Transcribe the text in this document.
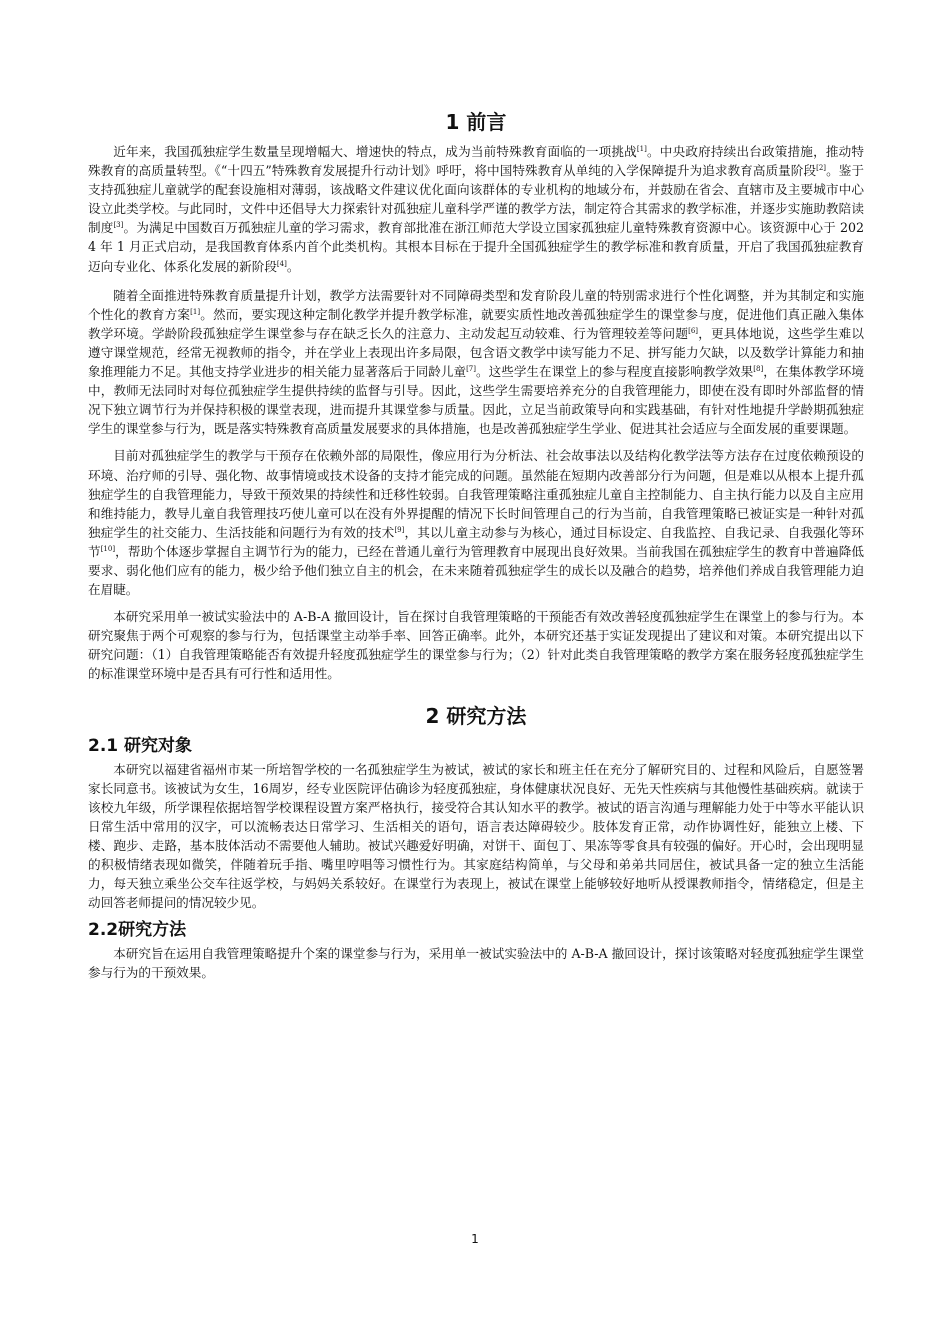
1 前言

近年来，我国孤独症学生数量呈现增幅大、增速快的特点，成为当前特殊教育面临的一项挑战[1]。中央政府持续出台政策措施，推动特殊教育的高质量转型。《“十四五”特殊教育发展提升行动计划》呼吁，将中国特殊教育从单纯的入学保障提升为追求教育高质量阶段[2]。鉴于支持孤独症儿童就学的配套设施相对薄弱，该战略文件建议优化面向该群体的专业机构的地域分布，并鼓励在省会、直辖市及主要城市中心设立此类学校。与此同时，文件中还倡导大力探索针对孤独症儿童科学严谨的教学方法，制定符合其需求的教学标准，并逐步实施助教陪读制度[3]。为满足中国数百万孤独症儿童的学习需求，教育部批准在浙江师范大学设立国家孤独症儿童特殊教育资源中心。该资源中心于 2024 年 1 月正式启动，是我国教育体系内首个此类机构。其根本目标在于提升全国孤独症学生的教学标准和教育质量，开启了我国孤独症教育迈向专业化、体系化发展的新阶段[4]。

随着全面推进特殊教育质量提升计划，教学方法需要针对不同障碍类型和发育阶段儿童的特别需求进行个性化调整，并为其制定和实施个性化的教育方案[1]。然而，要实现这种定制化教学并提升教学标准，就要实质性地改善孤独症学生的课堂参与度，促进他们真正融入集体教学环境。学龄阶段孤独症学生课堂参与存在缺乏长久的注意力、主动发起互动较难、行为管理较差等问题[6]，更具体地说，这些学生难以遵守课堂规范，经常无视教师的指令，并在学业上表现出许多局限，包含语文教学中读写能力不足、拼写能力欠缺，以及数学计算能力和抽象推理能力不足。其他支持学业进步的相关能力显著落后于同龄儿童[7]。这些学生在课堂上的参与程度直接影响教学效果[8]，在集体教学环境中，教师无法同时对每位孤独症学生提供持续的监督与引导。因此，这些学生需要培养充分的自我管理能力，即使在没有即时外部监督的情况下独立调节行为并保持积极的课堂表现，进而提升其课堂参与质量。因此，立足当前政策导向和实践基础，有针对性地提升学龄期孤独症学生的课堂参与行为，既是落实特殊教育高质量发展要求的具体措施，也是改善孤独症学生学业、促进其社会适应与全面发展的重要课题。

目前对孤独症学生的教学与干预存在依赖外部的局限性，像应用行为分析法、社会故事法以及结构化教学法等方法存在过度依赖预设的环境、治疗师的引导、强化物、故事情境或技术设备的支持才能完成的问题。虽然能在短期内改善部分行为问题，但是难以从根本上提升孤独症学生的自我管理能力，导致干预效果的持续性和迁移性较弱。自我管理策略注重孤独症儿童自主控制能力、自主执行能力以及自主应用和维持能力，教导儿童自我管理技巧使儿童可以在没有外界提醒的情况下长时间管理自己的行为当前，自我管理策略已被证实是一种针对孤独症学生的社交能力、生活技能和问题行为有效的技术[9]，其以儿童主动参与为核心，通过目标设定、自我监控、自我记录、自我强化等环节[10]，帮助个体逐步掌握自主调节行为的能力，已经在普通儿童行为管理教育中展现出良好效果。当前我国在孤独症学生的教育中普遍降低要求、弱化他们应有的能力，极少给予他们独立自主的机会，在未来随着孤独症学生的成长以及融合的趋势，培养他们养成自我管理能力迫在眉睫。

本研究采用单一被试实验法中的 A-B-A 撤回设计，旨在探讨自我管理策略的干预能否有效改善轻度孤独症学生在课堂上的参与行为。本研究聚焦于两个可观察的参与行为，包括课堂主动举手率、回答正确率。此外，本研究还基于实证发现提出了建议和对策。本研究提出以下研究问题：（1）自我管理策略能否有效提升轻度孤独症学生的课堂参与行为；（2）针对此类自我管理策略的教学方案在服务轻度孤独症学生的标准课堂环境中是否具有可行性和适用性。

2 研究方法
2.1 研究对象

本研究以福建省福州市某一所培智学校的一名孤独症学生为被试，被试的家长和班主任在充分了解研究目的、过程和风险后，自愿签署家长同意书。该被试为女生，16周岁，经专业医院评估确诊为轻度孤独症，身体健康状况良好、无先天性疾病与其他慢性基础疾病。就读于该校九年级，所学课程依据培智学校课程设置方案严格执行，接受符合其认知水平的教学。被试的语言沟通与理解能力处于中等水平能认识日常生活中常用的汉字，可以流畅表达日常学习、生活相关的语句，语言表达障碍较少。肢体发育正常，动作协调性好，能独立上楼、下楼、跑步、走路，基本肢体活动不需要他人辅助。被试兴趣爱好明确，对饼干、面包丁、果冻等零食具有较强的偏好。开心时，会出现明显的积极情绪表现如微笑，伴随着玩手指、嘴里哼唱等习惯性行为。其家庭结构简单，与父母和弟弟共同居住，被试具备一定的独立生活能力，每天独立乘坐公交车往返学校，与妈妈关系较好。在课堂行为表现上，被试在课堂上能够较好地听从授课教师指令，情绪稳定，但是主动回答老师提问的情况较少见。

2.2研究方法

本研究旨在运用自我管理策略提升个案的课堂参与行为，采用单一被试实验法中的 A-B-A 撤回设计，探讨该策略对轻度孤独症学生课堂参与行为的干预效果。

1
